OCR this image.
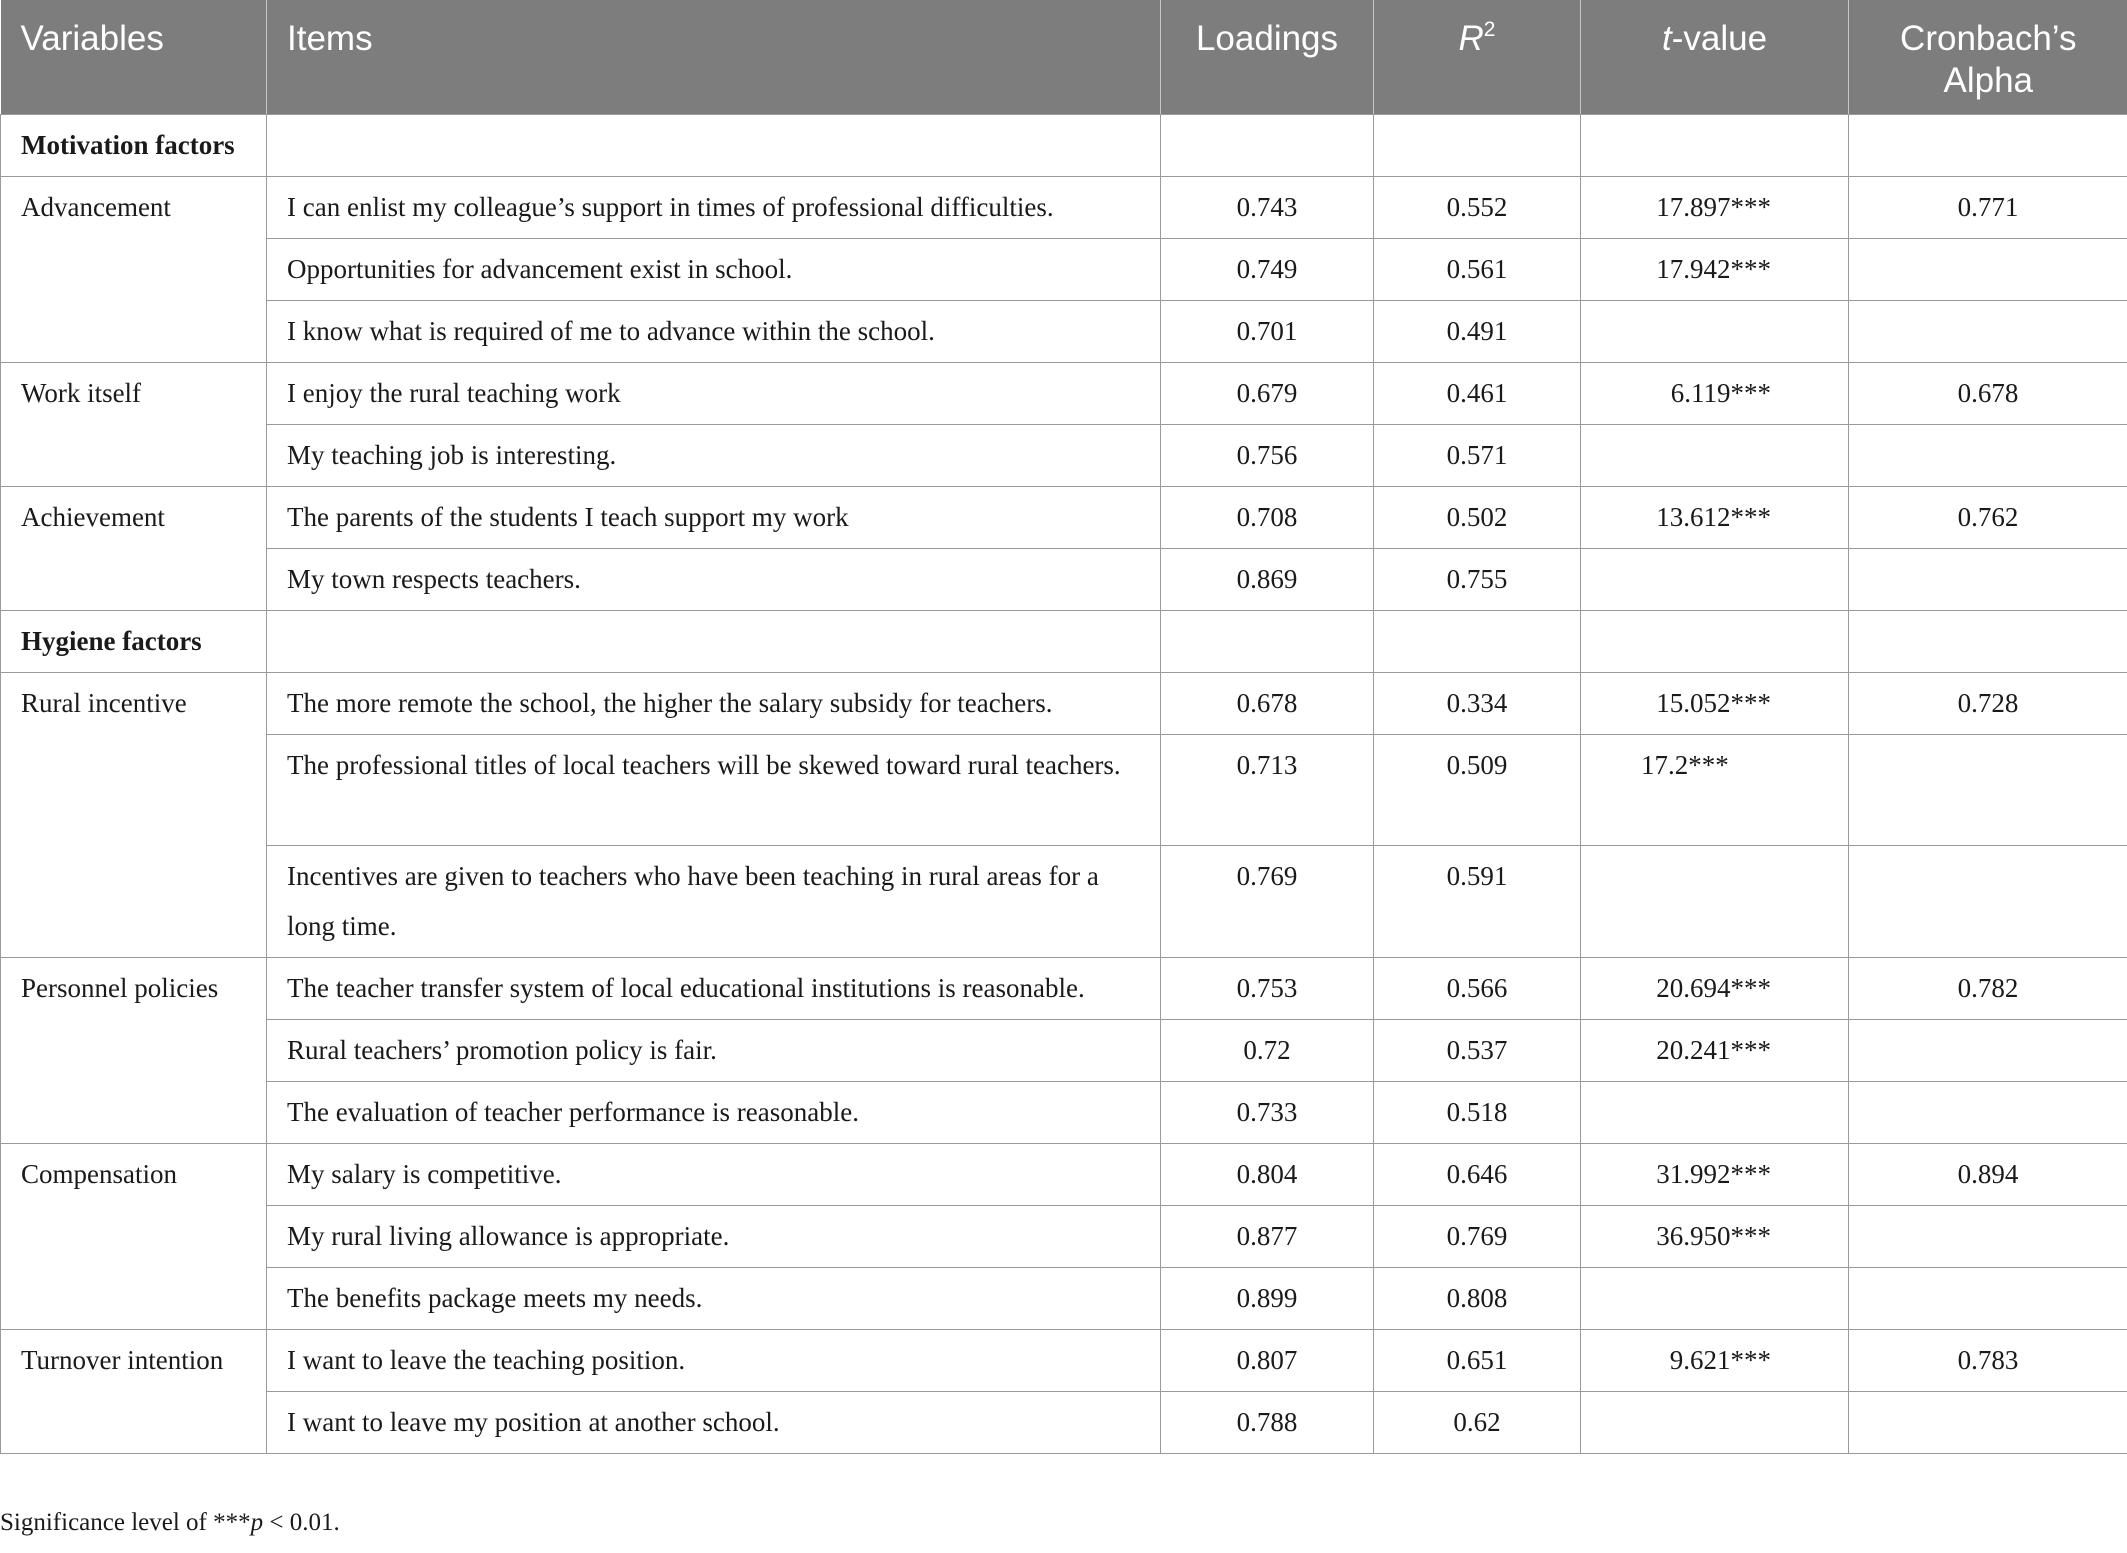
Variables	Items	Loadings	$R^2$	t-value	Cronbach’s
Alpha
Motivation factors					
Advancement	I can enlist my colleague’s support in times of professional difficulties.	0.743	0.552	17.897***	0.771
	Opportunities for advancement exist in school.	0.749	0.561	17.942***	
	I know what is required of me to advance within the school.	0.701	0.491		
Work itself	I enjoy the rural teaching work	0.679	0.461	6.119***	0.678
	My teaching job is interesting.	0.756	0.571		
Achievement	The parents of the students I teach support my work	0.708	0.502	13.612***	0.762
	My town respects teachers.	0.869	0.755		
Hygiene factors					
Rural incentive	The more remote the school, the higher the salary subsidy for teachers.	0.678	0.334	15.052***	0.728
	The professional titles of local teachers will be skewed toward rural teachers.	0.713	0.509	17.2***	
	Incentives are given to teachers who have been teaching in rural areas for a long time.	0.769	0.591		
Personnel policies	The teacher transfer system of local educational institutions is reasonable.	0.753	0.566	20.694***	0.782
	Rural teachers’ promotion policy is fair.	0.72	0.537	20.241***	
	The evaluation of teacher performance is reasonable.	0.733	0.518		
Compensation	My salary is competitive.	0.804	0.646	31.992***	0.894
	My rural living allowance is appropriate.	0.877	0.769	36.950***	
	The benefits package meets my needs.	0.899	0.808		
Turnover intention	I want to leave the teaching position.	0.807	0.651	9.621***	0.783
	I want to leave my position at another school.	0.788	0.62		
Significance level of ***p < 0.01.
